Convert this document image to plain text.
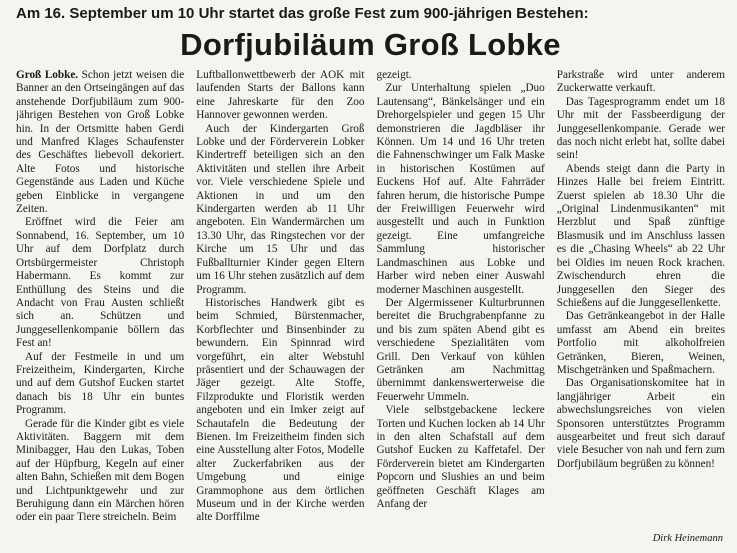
Am 16. September um 10 Uhr startet das große Fest zum 900-jährigen Bestehen:
Dorfjubiläum Groß Lobke

Groß Lobke. Schon jetzt weisen die Banner an den Ortseingängen auf das anstehende Dorfjubiläum zum 900-jährigen Bestehen von Groß Lobke hin. In der Ortsmitte haben Gerdi und Manfred Klages Schaufenster des Geschäftes liebevoll dekoriert. Alte Fotos und historische Gegenstände aus Laden und Küche geben Einblicke in vergangene Zeiten.

Eröffnet wird die Feier am Sonnabend, 16. September, um 10 Uhr auf dem Dorfplatz durch Ortsbürgermeister Christoph Habermann. Es kommt zur Enthüllung des Steins und die Andacht von Frau Austen schließt sich an. Schützen und Junggesellenkompanie böllern das Fest an!

Auf der Festmeile in und um Freizeitheim, Kindergarten, Kirche und auf dem Gutshof Eucken startet danach bis 18 Uhr ein buntes Programm.

Gerade für die Kinder gibt es viele Aktivitäten. Baggern mit dem Minibagger, Hau den Lukas, Toben auf der Hüpfburg, Kegeln auf einer alten Bahn, Schießen mit dem Bogen und Lichtpunktgewehr und zur Beruhigung dann ein Märchen hören oder ein paar Tiere streicheln. Beim

Luftballonwettbewerb der AOK mit laufenden Starts der Ballons kann eine Jahreskarte für den Zoo Hannover gewonnen werden.

Auch der Kindergarten Groß Lobke und der Förderverein Lobker Kindertreff beteiligen sich an den Aktivitäten und stellen ihre Arbeit vor. Viele verschiedene Spiele und Aktionen in und um den Kindergarten werden ab 11 Uhr angeboten. Ein Wandermärchen um 13.30 Uhr, das Ringstechen vor der Kirche um 15 Uhr und das Fußballturnier Kinder gegen Eltern um 16 Uhr stehen zusätzlich auf dem Programm.

Historisches Handwerk gibt es beim Schmied, Bürstenmacher, Korbflechter und Binsenbinder zu bewundern. Ein Spinnrad wird vorgeführt, ein alter Webstuhl präsentiert und der Schauwagen der Jäger gezeigt. Alte Stoffe, Filzprodukte und Floristik werden angeboten und ein Imker zeigt auf Schautafeln die Bedeutung der Bienen. Im Freizeitheim finden sich eine Ausstellung alter Fotos, Modelle alter Zuckerfabriken aus der Umgebung und einige Grammophone aus dem örtlichen Museum und in der Kirche werden alte Dorffilme

gezeigt.

Zur Unterhaltung spielen „Duo Lautensang“, Bänkelsänger und ein Drehorgelspieler und gegen 15 Uhr demonstrieren die Jagdbläser ihr Können. Um 14 und 16 Uhr treten die Fahnenschwinger um Falk Maske in historischen Kostümen auf Euckens Hof auf. Alte Fahrräder fahren herum, die historische Pumpe der Freiwilligen Feuerwehr wird ausgestellt und auch in Funktion gezeigt. Eine umfangreiche Sammlung historischer Landmaschinen aus Lobke und Harber wird neben einer Auswahl moderner Maschinen ausgestellt.

Der Algermissener Kulturbrunnen bereitet die Bruchgrabenpfanne zu und bis zum späten Abend gibt es verschiedene Spezialitäten vom Grill. Den Verkauf von kühlen Getränken am Nachmittag übernimmt dankenswerterweise die Feuerwehr Ummeln.

Viele selbstgebackene leckere Torten und Kuchen locken ab 14 Uhr in den alten Schafstall auf dem Gutshof Eucken zu Kaffetafel. Der Förderverein bietet am Kindergarten Popcorn und Slushies an und beim geöffneten Geschäft Klages am Anfang der

Parkstraße wird unter anderem Zuckerwatte verkauft.

Das Tagesprogramm endet um 18 Uhr mit der Fassbeerdigung der Junggesellenkompanie. Gerade wer das noch nicht erlebt hat, sollte dabei sein!

Abends steigt dann die Party in Hinzes Halle bei freiem Eintritt. Zuerst spielen ab 18.30 Uhr die „Original Lindenmusikanten“ mit Herzblut und Spaß zünftige Blasmusik und im Anschluss lassen es die „Chasing Wheels“ ab 22 Uhr bei Oldies im neuen Rock krachen. Zwischendurch ehren die Junggesellen den Sieger des Schießens auf die Junggesellenkette.

Das Getränkeangebot in der Halle umfasst am Abend ein breites Portfolio mit alkoholfreien Getränken, Bieren, Weinen, Mischgetränken und Spaßmachern.

Das Organisationskomitee hat in langjähriger Arbeit ein abwechslungsreiches von vielen Sponsoren unterstütztes Programm ausgearbeitet und freut sich darauf viele Besucher von nah und fern zum Dorfjubiläum begrüßen zu können!

Dirk Heinemann
